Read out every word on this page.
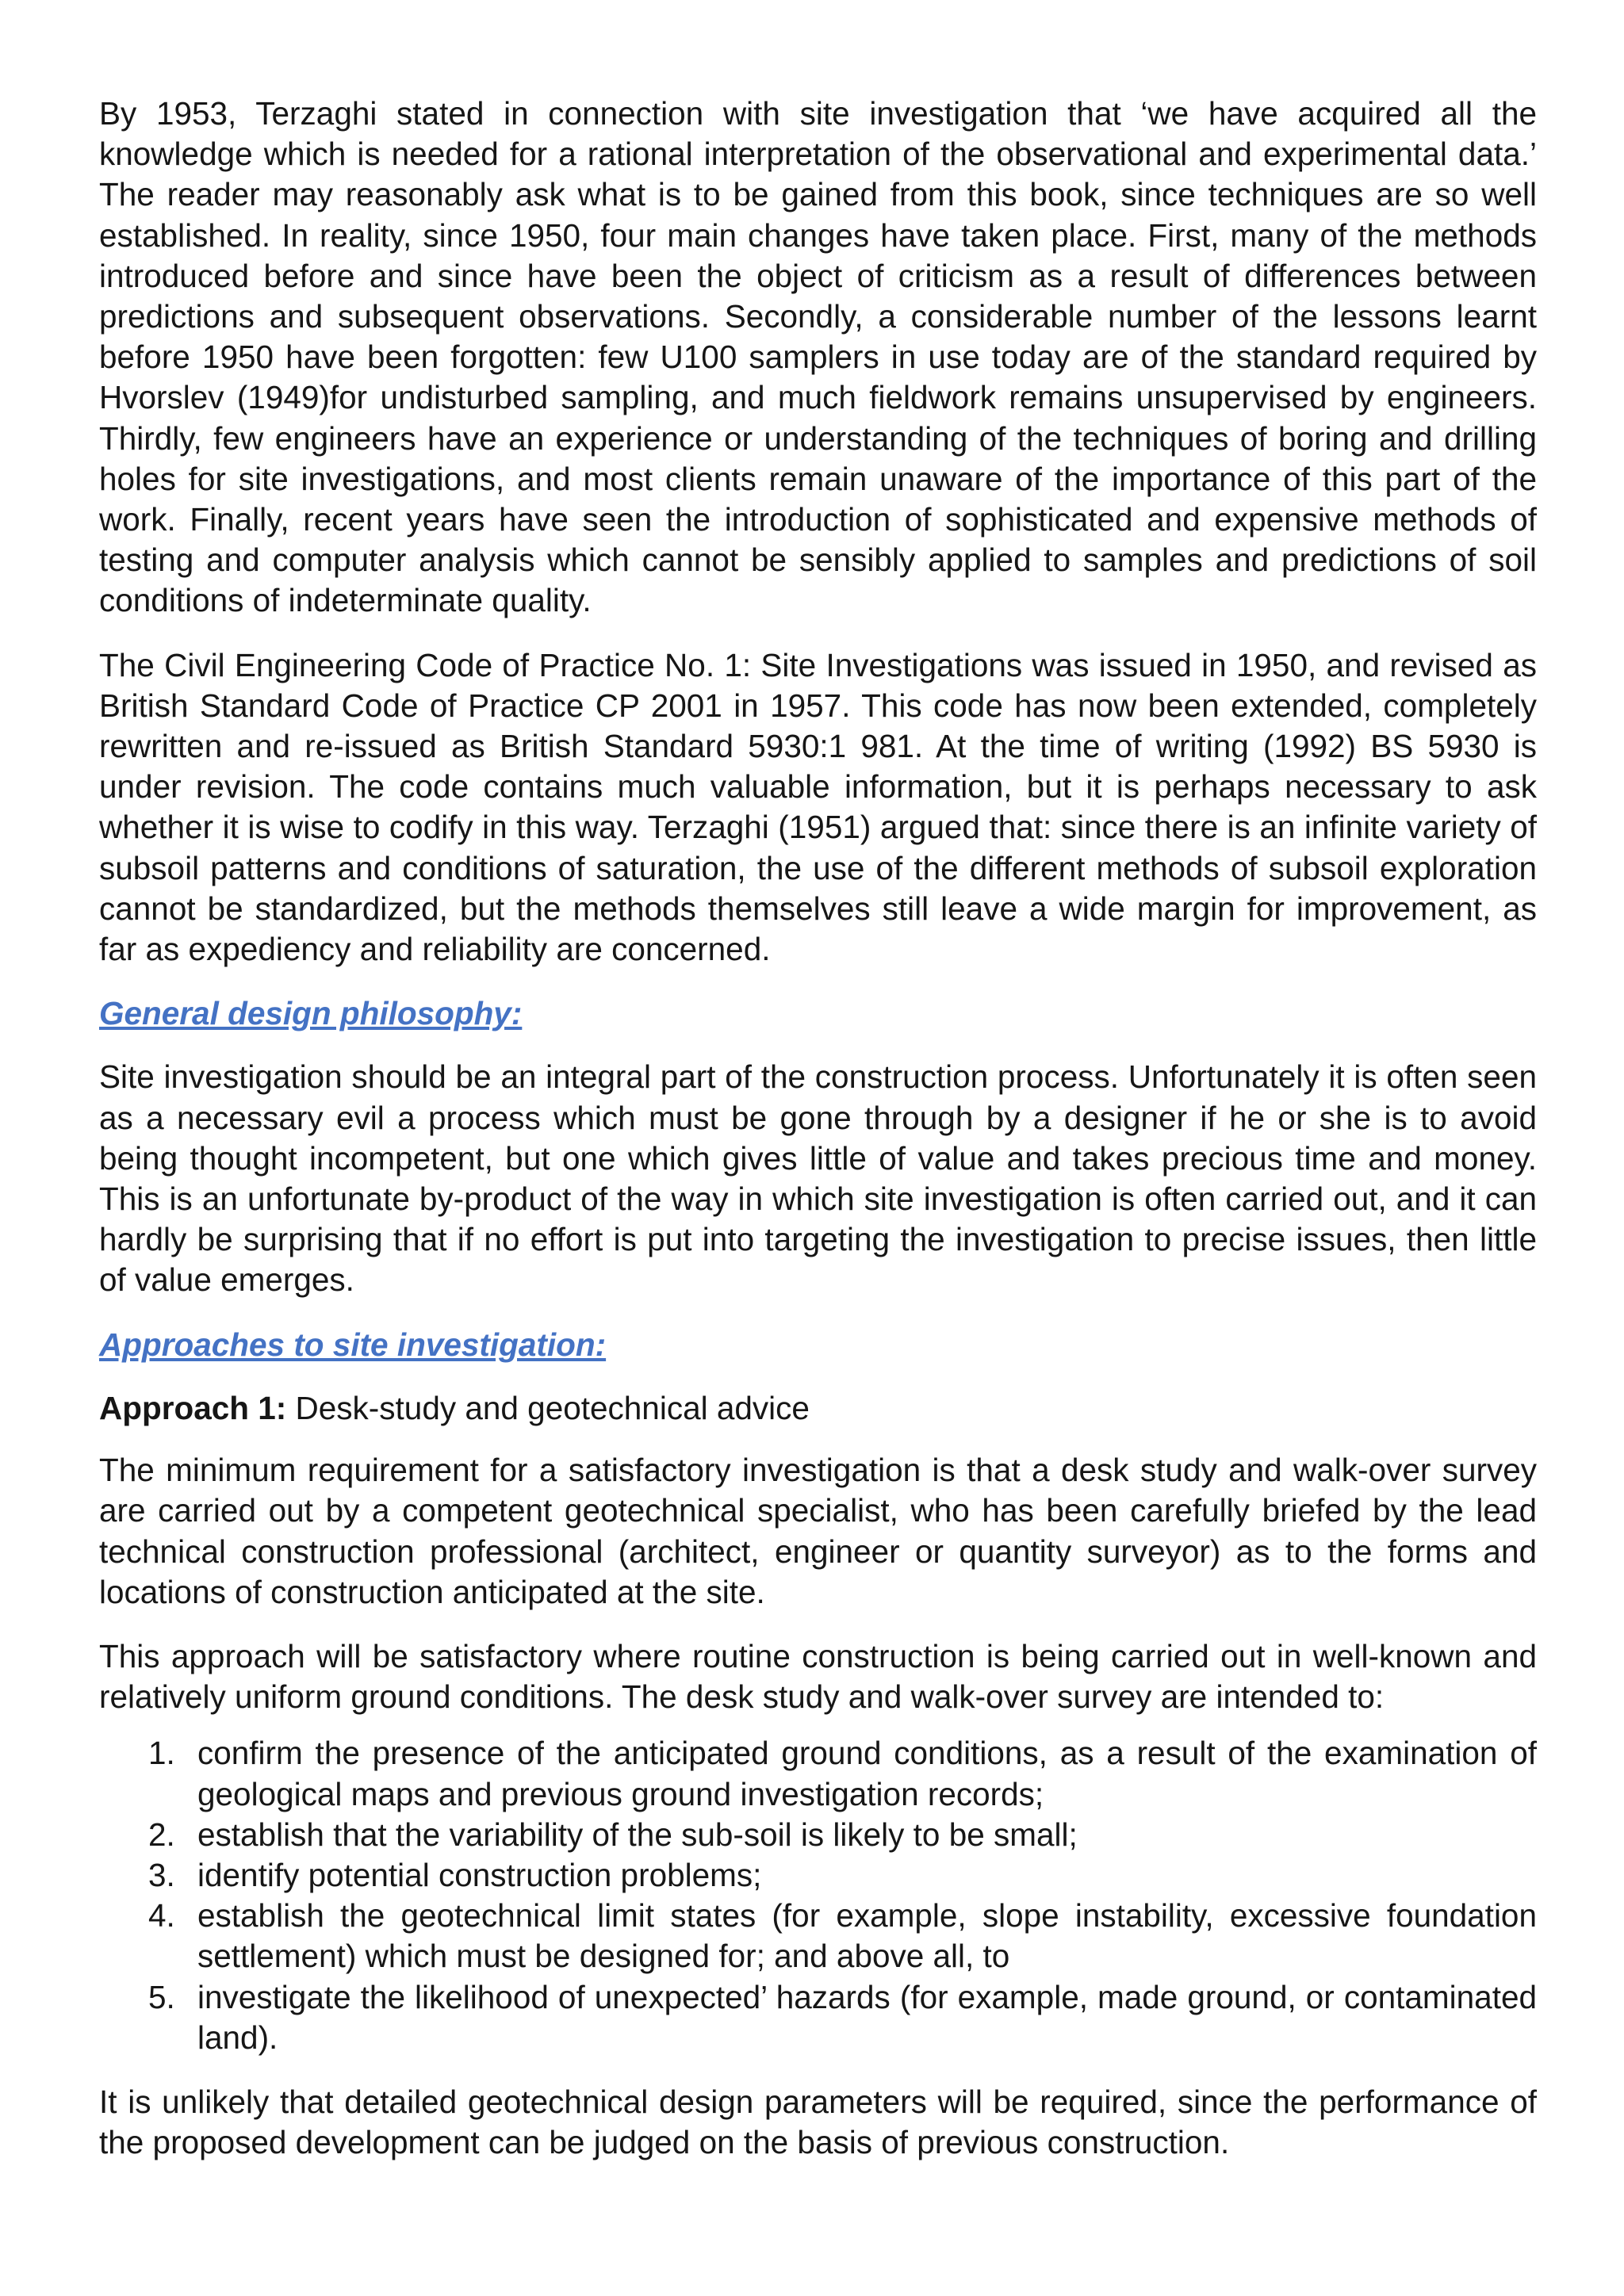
By 1953, Terzaghi stated in connection with site investigation that ‘we have acquired all the knowledge which is needed for a rational interpretation of the observational and experimental data.’ The reader may reasonably ask what is to be gained from this book, since techniques are so well established. In reality, since 1950, four main changes have taken place. First, many of the methods introduced before and since have been the object of criticism as a result of differences between predictions and subsequent observations. Secondly, a considerable number of the lessons learnt before 1950 have been forgotten: few U100 samplers in use today are of the standard required by Hvorslev (1949)for undisturbed sampling, and much fieldwork remains unsupervised by engineers. Thirdly, few engineers have an experience or understanding of the techniques of boring and drilling holes for site investigations, and most clients remain unaware of the importance of this part of the work. Finally, recent years have seen the introduction of sophisticated and expensive methods of testing and computer analysis which cannot be sensibly applied to samples and predictions of soil conditions of indeterminate quality.

The Civil Engineering Code of Practice No. 1: Site Investigations was issued in 1950, and revised as British Standard Code of Practice CP 2001 in 1957. This code has now been extended, completely rewritten and re-issued as British Standard 5930:1 981. At the time of writing (1992) BS 5930 is under revision. The code contains much valuable information, but it is perhaps necessary to ask whether it is wise to codify in this way. Terzaghi (1951) argued that: since there is an infinite variety of subsoil patterns and conditions of saturation, the use of the different methods of subsoil exploration cannot be standardized, but the methods themselves still leave a wide margin for improvement, as far as expediency and reliability are concerned.

General design philosophy:

Site investigation should be an integral part of the construction process. Unfortunately it is often seen as a necessary evil a process which must be gone through by a designer if he or she is to avoid being thought incompetent, but one which gives little of value and takes precious time and money. This is an unfortunate by-product of the way in which site investigation is often carried out, and it can hardly be surprising that if no effort is put into targeting the investigation to precise issues, then little of value emerges.

Approaches to site investigation:
Approach 1: Desk-study and geotechnical advice

The minimum requirement for a satisfactory investigation is that a desk study and walk-over survey are carried out by a competent geotechnical specialist, who has been carefully briefed by the lead technical construction professional (architect, engineer or quantity surveyor) as to the forms and locations of construction anticipated at the site.

This approach will be satisfactory where routine construction is being carried out in well-known and relatively uniform ground conditions. The desk study and walk-over survey are intended to:

1. confirm the presence of the anticipated ground conditions, as a result of the examination of geological maps and previous ground investigation records;
2. establish that the variability of the sub-soil is likely to be small;
3. identify potential construction problems;
4. establish the geotechnical limit states (for example, slope instability, excessive foundation settlement) which must be designed for; and above all, to
5. investigate the likelihood of unexpected’ hazards (for example, made ground, or contaminated land).

It is unlikely that detailed geotechnical design parameters will be required, since the performance of the proposed development can be judged on the basis of previous construction.
